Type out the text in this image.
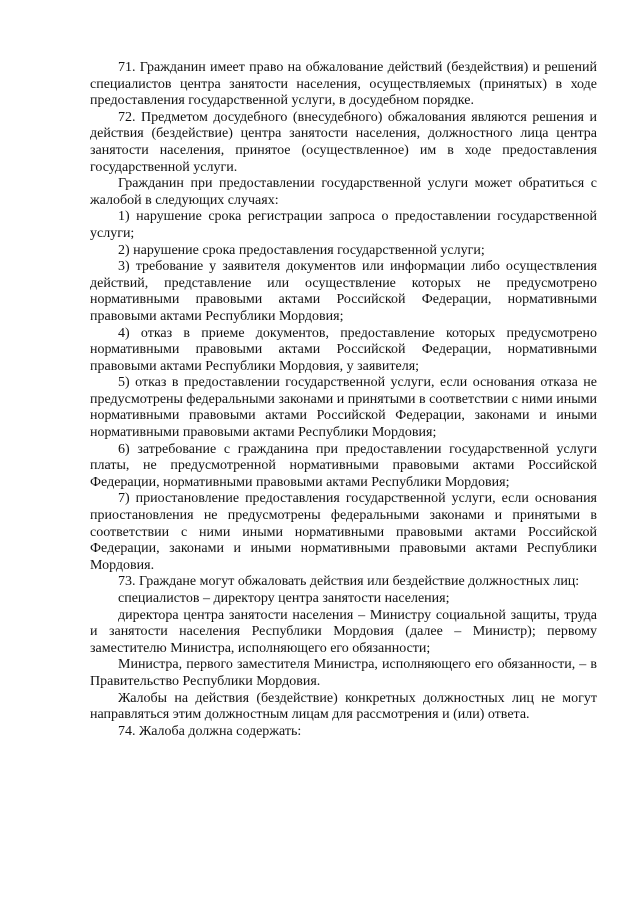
71. Гражданин имеет право на обжалование действий (бездействия) и решений специалистов центра занятости населения, осуществляемых (принятых) в ходе предоставления государственной услуги, в досудебном порядке.

72. Предметом досудебного (внесудебного) обжалования являются решения и действия (бездействие) центра занятости населения, должностного лица центра занятости населения, принятое (осуществленное) им в ходе предоставления государственной услуги.

Гражданин при предоставлении государственной услуги может обратиться с жалобой в следующих случаях:

1) нарушение срока регистрации запроса о предоставлении государственной услуги;

2) нарушение срока предоставления государственной услуги;

3) требование у заявителя документов или информации либо осуществления действий, представление или осуществление которых не предусмотрено нормативными правовыми актами Российской Федерации, нормативными правовыми актами Республики Мордовия;

4) отказ в приеме документов, предоставление которых предусмотрено нормативными правовыми актами Российской Федерации, нормативными правовыми актами Республики Мордовия, у заявителя;

5) отказ в предоставлении государственной услуги, если основания отказа не предусмотрены федеральными законами и принятыми в соответствии с ними иными нормативными правовыми актами Российской Федерации, законами и иными нормативными правовыми актами Республики Мордовия;

6) затребование с гражданина при предоставлении государственной услуги платы, не предусмотренной нормативными правовыми актами Российской Федерации, нормативными правовыми актами Республики Мордовия;

7) приостановление предоставления государственной услуги, если основания приостановления не предусмотрены федеральными законами и принятыми в соответствии с ними иными нормативными правовыми актами Российской Федерации, законами и иными нормативными правовыми актами Республики Мордовия.

73. Граждане могут обжаловать действия или бездействие должностных лиц:

специалистов – директору центра занятости населения;

директора центра занятости населения – Министру социальной защиты, труда и занятости населения Республики Мордовия (далее – Министр); первому заместителю Министра, исполняющего его обязанности;

Министра, первого заместителя Министра, исполняющего его обязанности, – в Правительство Республики Мордовия.

Жалобы на действия (бездействие) конкретных должностных лиц не могут направляться этим должностным лицам для рассмотрения и (или) ответа.

74. Жалоба должна содержать:
